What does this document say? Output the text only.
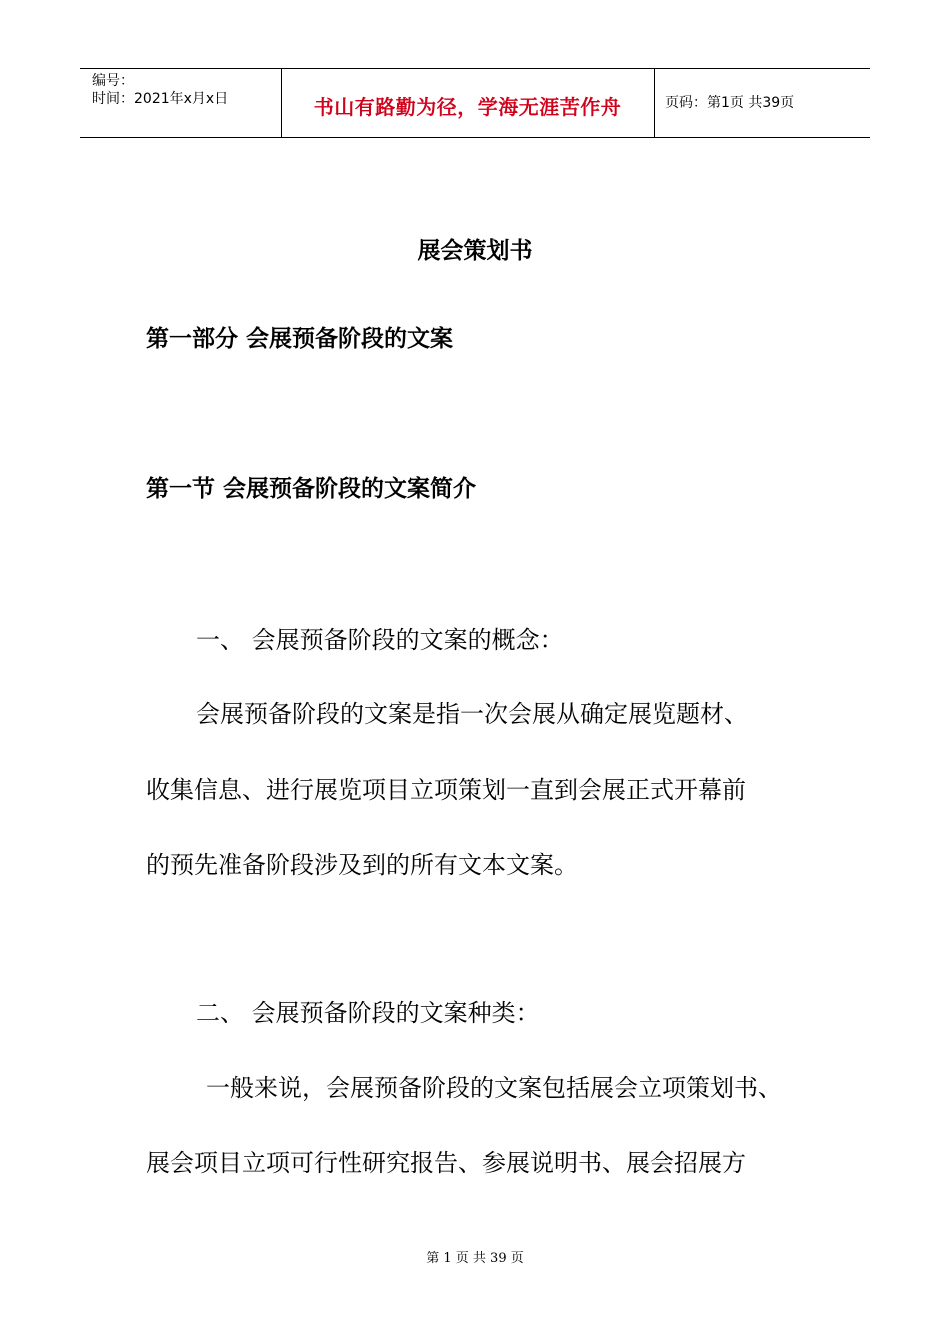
编号：
时间：2021年x月x日	书山有路勤为径，学海无涯苦作舟	页码：第1页 共39页
展会策划书
第一部分 会展预备阶段的文案
第一节 会展预备阶段的文案简介
一、 会展预备阶段的文案的概念：
会展预备阶段的文案是指一次会展从确定展览题材、
收集信息、进行展览项目立项策划一直到会展正式开幕前
的预先准备阶段涉及到的所有文本文案。
二、 会展预备阶段的文案种类：
一般来说，会展预备阶段的文案包括展会立项策划书、
展会项目立项可行性研究报告、参展说明书、展会招展方
第 1 页 共 39 页
